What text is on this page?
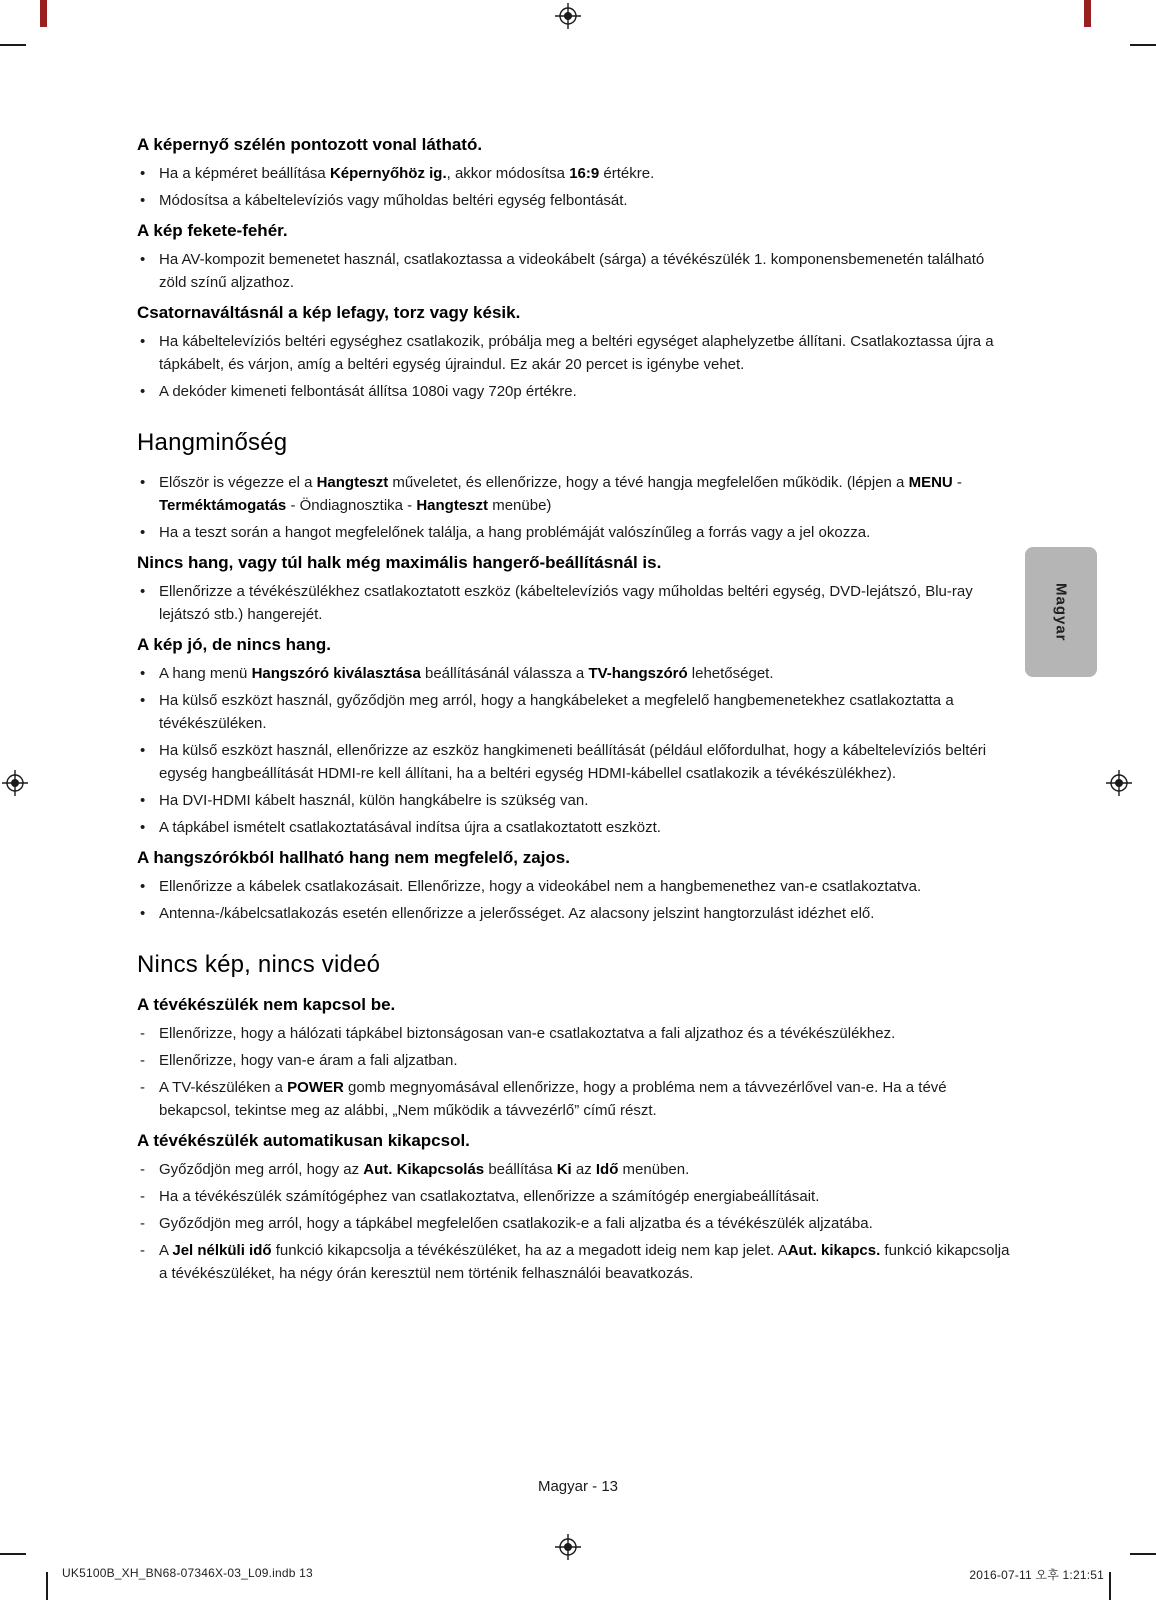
A képernyő szélén pontozott vonal látható.
• Ha a képméret beállítása Képernyőhöz ig., akkor módosítsa 16:9 értékre.
• Módosítsa a kábeltelevíziós vagy műholdas beltéri egység felbontását.
A kép fekete-fehér.
• Ha AV-kompozit bemenetet használ, csatlakoztassa a videokábelt (sárga) a tévékészülék 1. komponensbemenetén található zöld színű aljzathoz.
Csatornaváltásnál a kép lefagy, torz vagy késik.
• Ha kábeltelevíziós beltéri egységhez csatlakozik, próbálja meg a beltéri egységet alaphelyzetbe állítani. Csatlakoztassa újra a tápkábelt, és várjon, amíg a beltéri egység újraindul. Ez akár 20 percet is igénybe vehet.
• A dekóder kimeneti felbontását állítsa 1080i vagy 720p értékre.
Hangminőség
• Először is végezze el a Hangteszt műveletet, és ellenőrizze, hogy a tévé hangja megfelelően működik. (lépjen a MENU - Terméktámogatás - Öndiagnosztika - Hangteszt menübe)
• Ha a teszt során a hangot megfelelőnek találja, a hang problémáját valószínűleg a forrás vagy a jel okozza.
Nincs hang, vagy túl halk még maximális hangerő-beállításnál is.
• Ellenőrizze a tévékészülékhez csatlakoztatott eszköz (kábeltelevíziós vagy műholdas beltéri egység, DVD-lejátszó, Blu-ray lejátszó stb.) hangerejét.
A kép jó, de nincs hang.
• A hang menü Hangszóró kiválasztása beállításánál válassza a TV-hangszóró lehetőséget.
• Ha külső eszközt használ, győződjön meg arról, hogy a hangkábeleket a megfelelő hangbemenetekhez csatlakoztatta a tévékészüléken.
• Ha külső eszközt használ, ellenőrizze az eszköz hangkimeneti beállítását (például előfordulhat, hogy a kábeltelevíziós beltéri egység hangbeállítását HDMI-re kell állítani, ha a beltéri egység HDMI-kábellel csatlakozik a tévékészülékhez).
• Ha DVI-HDMI kábelt használ, külön hangkábelre is szükség van.
• A tápkábel ismételt csatlakoztatásával indítsa újra a csatlakoztatott eszközt.
A hangszórókból hallható hang nem megfelelő, zajos.
• Ellenőrizze a kábelek csatlakozásait. Ellenőrizze, hogy a videokábel nem a hangbemenethez van-e csatlakoztatva.
• Antenna-/kábelcsatlakozás esetén ellenőrizze a jelerősséget. Az alacsony jelszint hangtorzulást idézhet elő.
Nincs kép, nincs videó
A tévékészülék nem kapcsol be.
- Ellenőrizze, hogy a hálózati tápkábel biztonságosan van-e csatlakoztatva a fali aljzathoz és a tévékészülékhez.
- Ellenőrizze, hogy van-e áram a fali aljzatban.
- A TV-készüléken a POWER gomb megnyomásával ellenőrizze, hogy a probléma nem a távvezérlővel van-e. Ha a tévé bekapcsol, tekintse meg az alábbi, „Nem működik a távvezérlő” című részt.
A tévékészülék automatikusan kikapcsol.
- Győződjön meg arról, hogy az Aut. Kikapcsolás beállítása Ki az Idő menüben.
- Ha a tévékészülék számítógéphez van csatlakoztatva, ellenőrizze a számítógép energiabeállításait.
- Győződjön meg arról, hogy a tápkábel megfelelően csatlakozik-e a fali aljzatba és a tévékészülék aljzatába.
- A Jel nélküli idő funkció kikapcsolja a tévékészüléket, ha az a megadott ideig nem kap jelet. AAut. kikapcs. funkció kikapcsolja a tévékészüléket, ha négy órán keresztül nem történik felhasználói beavatkozás.
Magyar
Magyar - 13
UK5100B_XH_BN68-07346X-03_L09.indb 13	2016-07-11 오후 1:21:51
